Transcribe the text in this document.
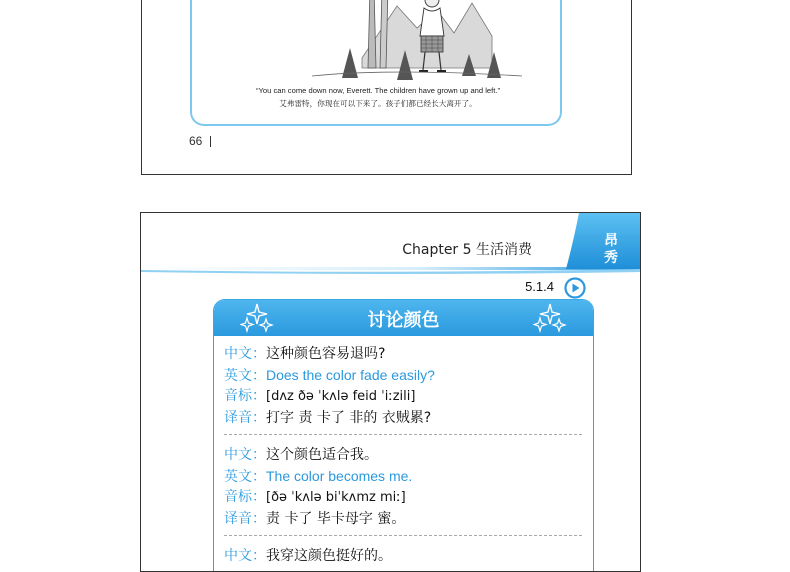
“You can come down now, Everett. The children have grown up and left.”
艾弗雷特，你现在可以下来了。孩子们都已经长大离开了。
66
Chapter 5 生活消费
昂
秀
5.1.4
讨论颜色
中文：这种颜色容易退吗?
英文：Does the color fade easily?
音标：[dʌz ðə ˈkʌlə feid ˈiːzili]
译音：打字 责 卡了 非的 衣贼累?
中文：这个颜色适合我。
英文：The color becomes me.
音标：[ðə ˈkʌlə biˈkʌmz miː]
译音：责 卡了 毕卡母字 蜜。
中文：我穿这颜色挺好的。
